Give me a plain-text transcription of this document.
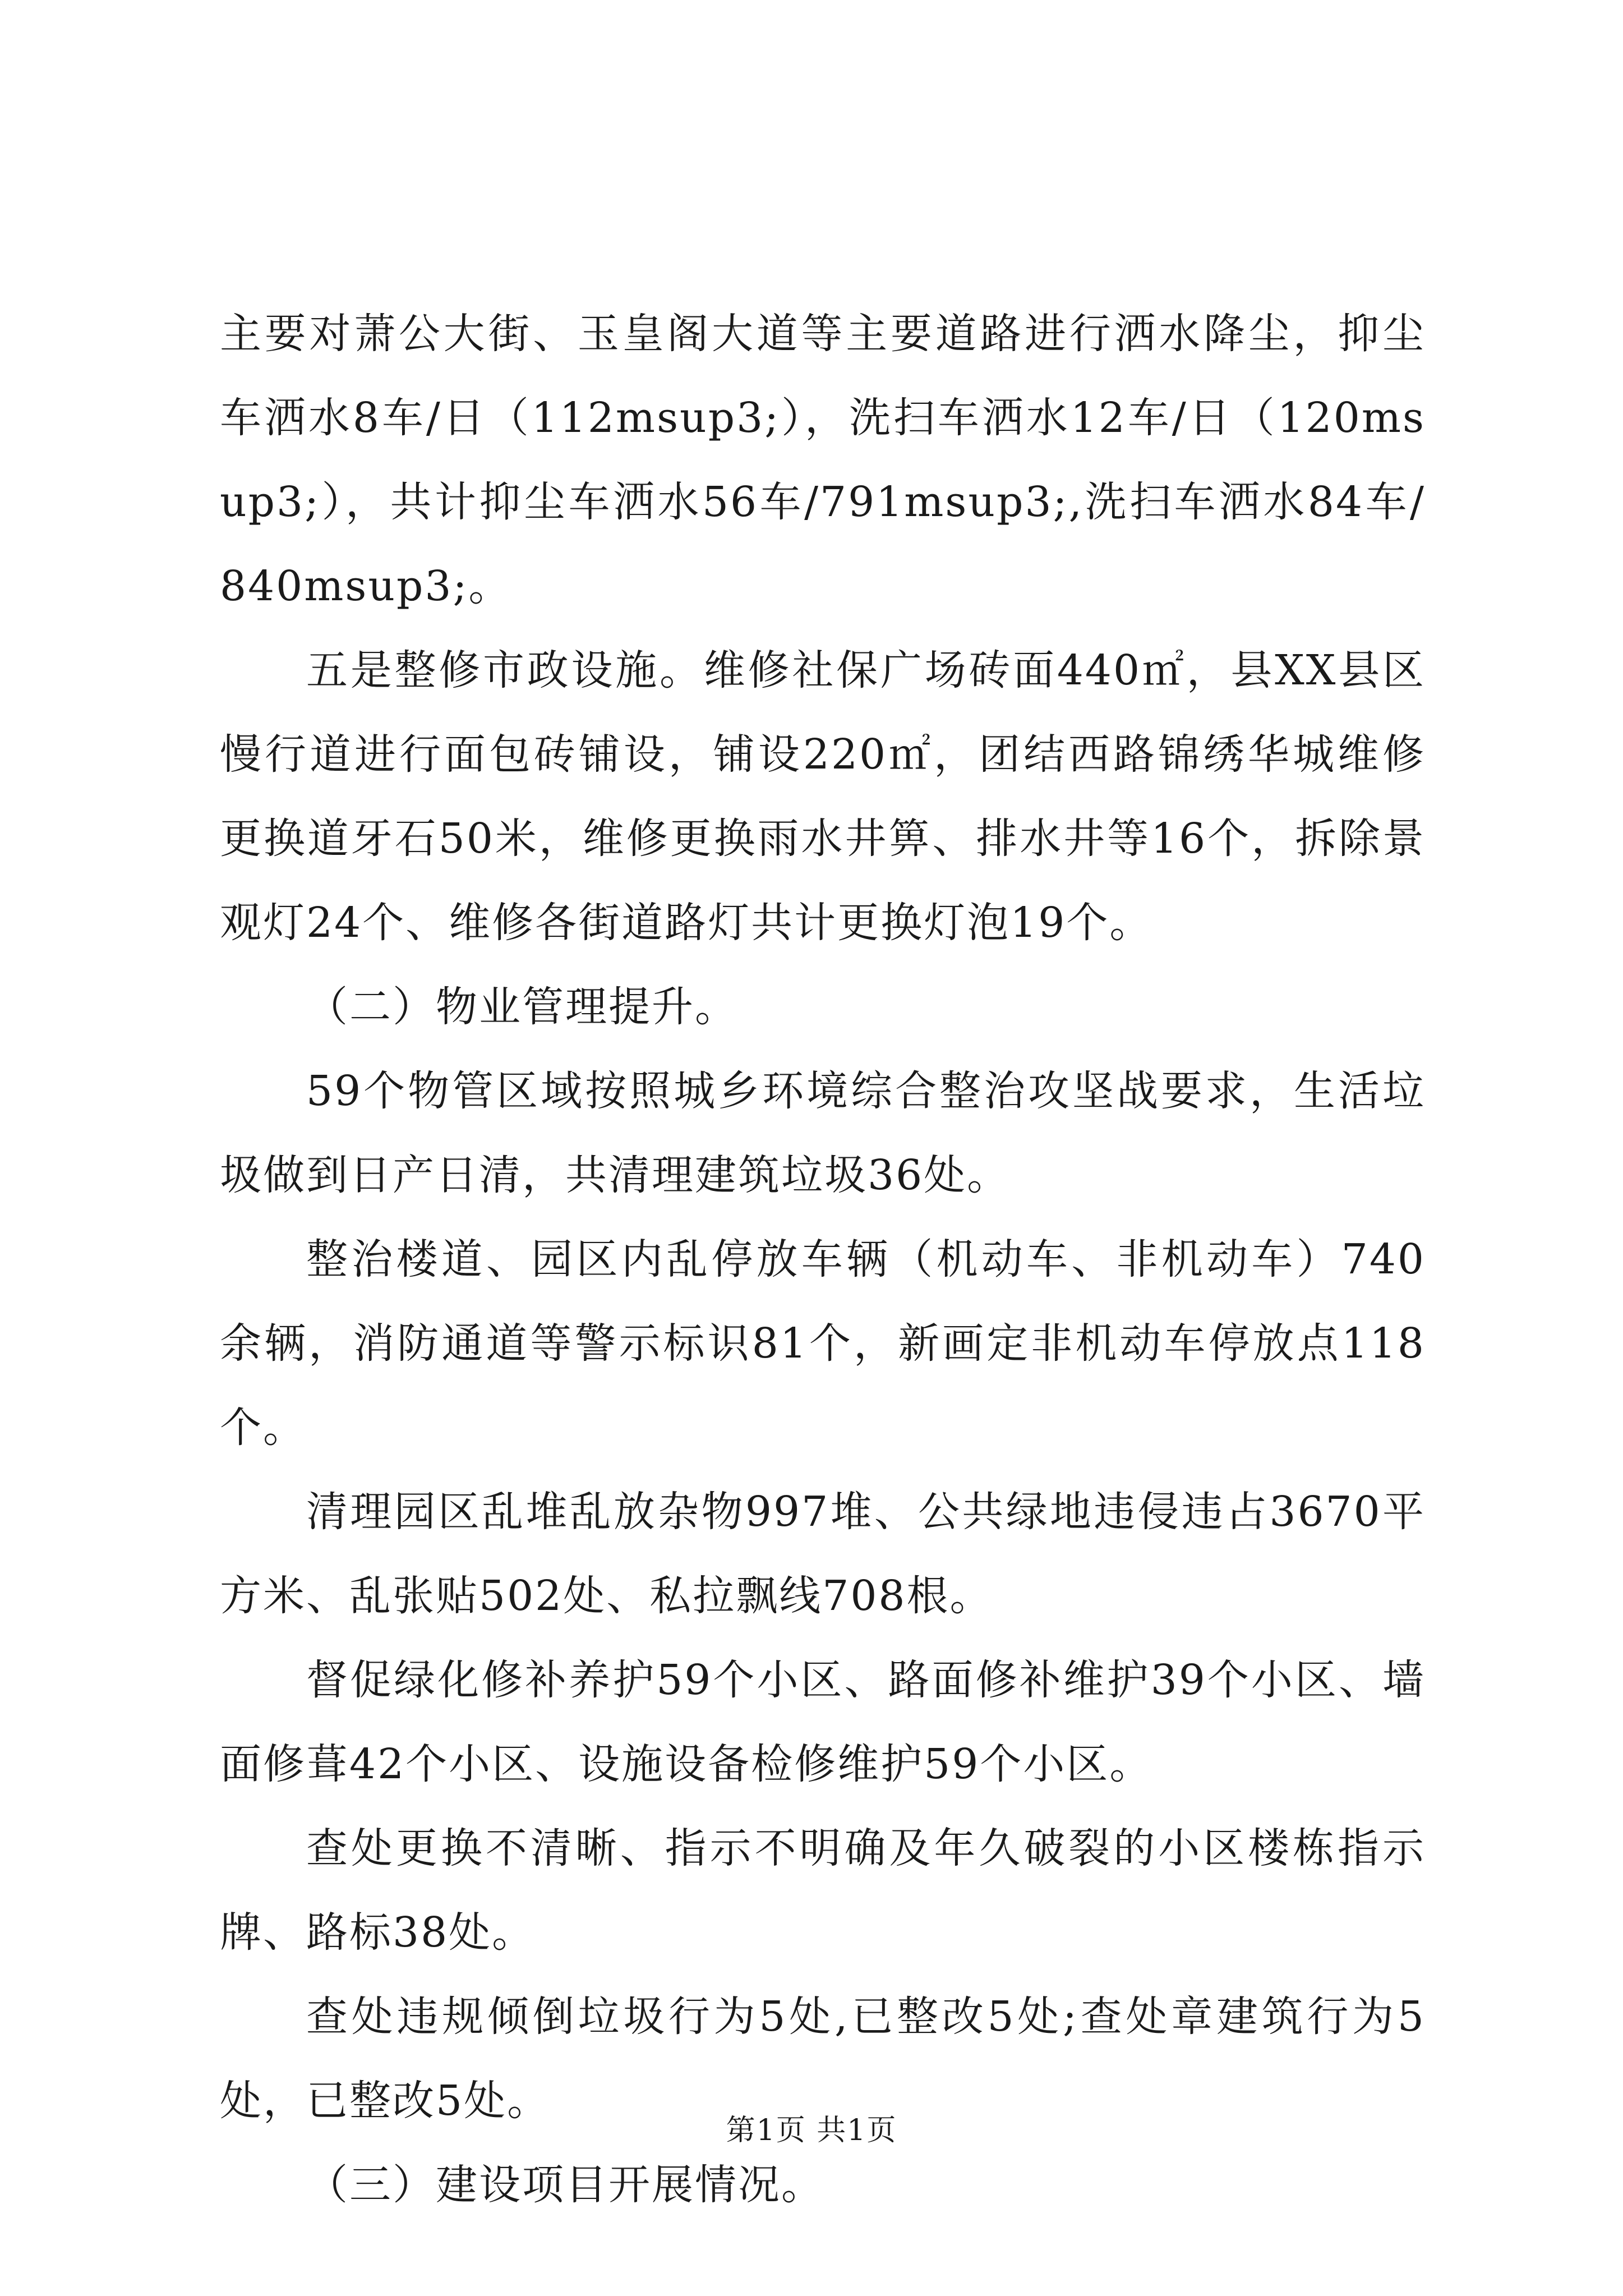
主要对萧公大街、玉皇阁大道等主要道路进行洒水降尘，抑尘车洒水8车/日（112msup3;），洗扫车洒水12车/日（120msup3;），共计抑尘车洒水56车/791msup3;,洗扫车洒水84车/840msup3;。

五是整修市政设施。维修社保广场砖面440㎡，县XX县区慢行道进行面包砖铺设，铺设220㎡，团结西路锦绣华城维修更换道牙石50米，维修更换雨水井箅、排水井等16个，拆除景观灯24个、维修各街道路灯共计更换灯泡19个。

（二）物业管理提升。

59个物管区域按照城乡环境综合整治攻坚战要求，生活垃圾做到日产日清，共清理建筑垃圾36处。

整治楼道、园区内乱停放车辆（机动车、非机动车）740余辆，消防通道等警示标识81个，新画定非机动车停放点118个。

清理园区乱堆乱放杂物997堆、公共绿地违侵违占3670平方米、乱张贴502处、私拉飘线708根。

督促绿化修补养护59个小区、路面修补维护39个小区、墙面修葺42个小区、设施设备检修维护59个小区。

查处更换不清晰、指示不明确及年久破裂的小区楼栋指示牌、路标38处。

查处违规倾倒垃圾行为5处,已整改5处;查处章建筑行为5处，已整改5处。

（三）建设项目开展情况。

第1页 共1页
